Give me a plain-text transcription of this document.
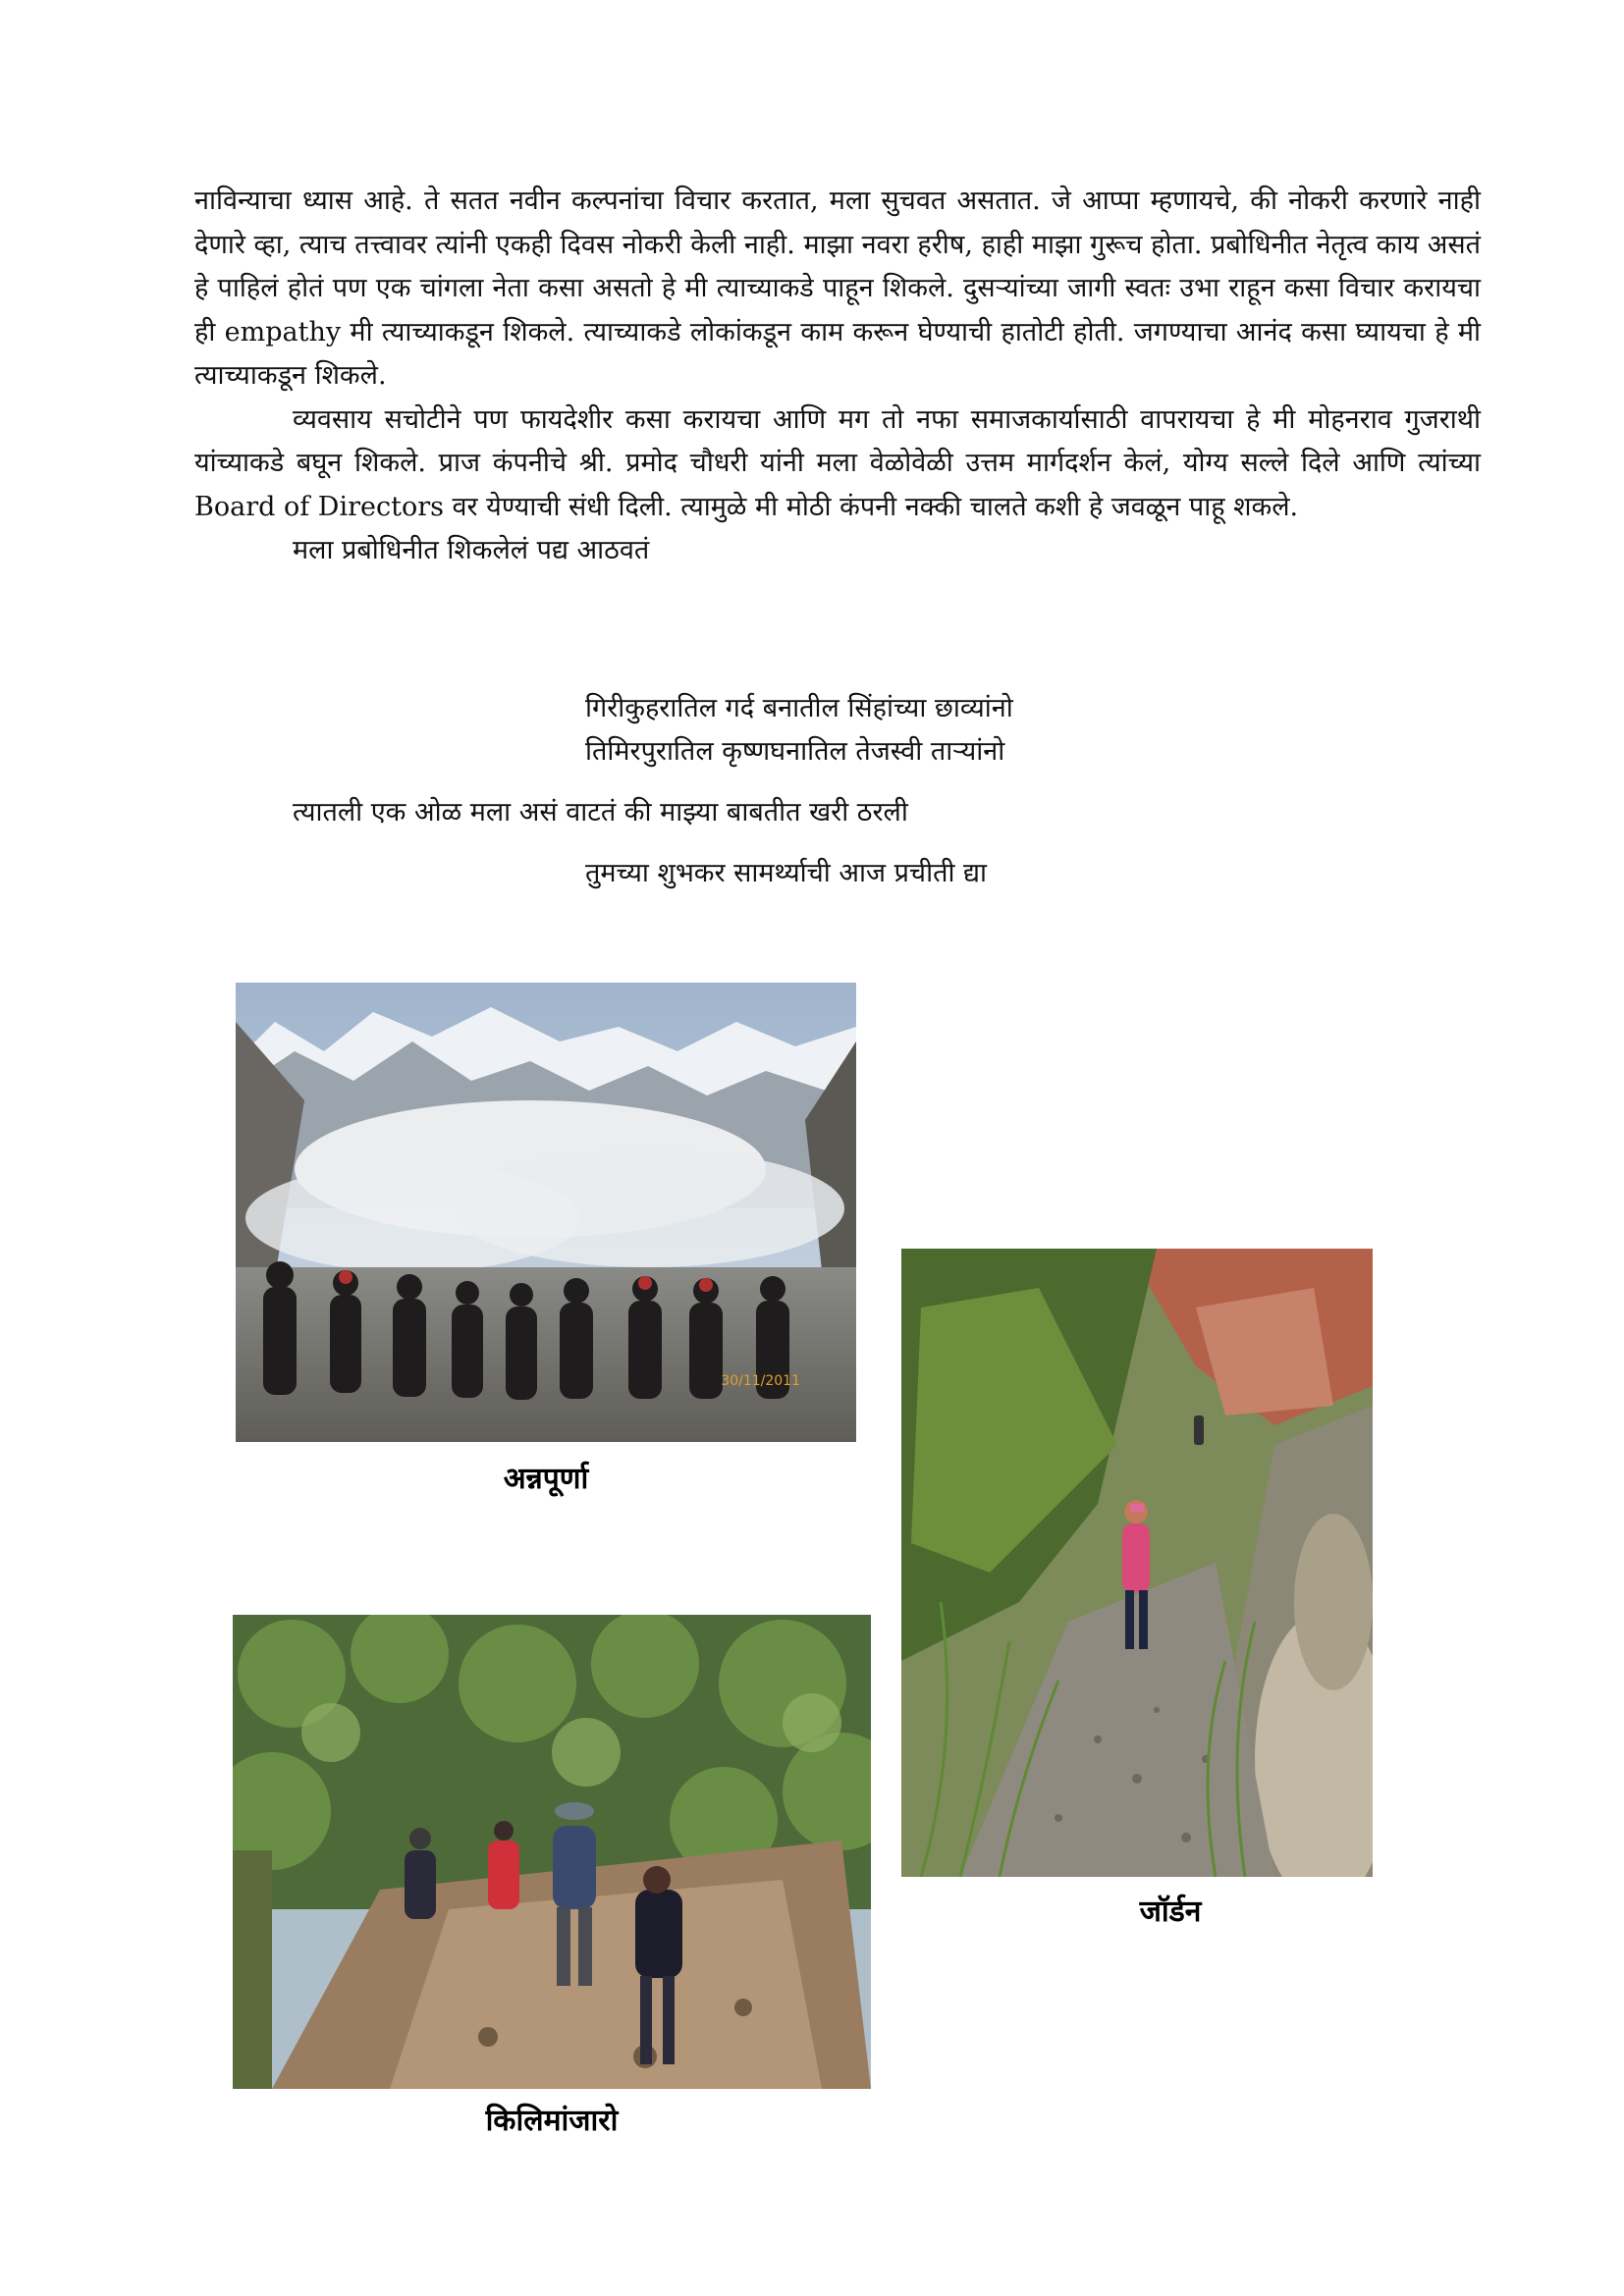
नाविन्याचा ध्यास आहे. ते सतत नवीन कल्पनांचा विचार करतात, मला सुचवत असतात. जे आप्पा म्हणायचे, की नोकरी करणारे नाही देणारे व्हा, त्याच तत्त्वावर त्यांनी एकही दिवस नोकरी केली नाही. माझा नवरा हरीष, हाही माझा गुरूच होता. प्रबोधिनीत नेतृत्व काय असतं हे पाहिलं होतं पण एक चांगला नेता कसा असतो हे मी त्याच्याकडे पाहून शिकले. दुसऱ्यांच्या जागी स्वतः उभा राहून कसा विचार करायचा ही empathy मी त्याच्याकडून शिकले. त्याच्याकडे लोकांकडून काम करून घेण्याची हातोटी होती. जगण्याचा आनंद कसा घ्यायचा हे मी त्याच्याकडून शिकले.

व्यवसाय सचोटीने पण फायदेशीर कसा करायचा आणि मग तो नफा समाजकार्यासाठी वापरायचा हे मी मोहनराव गुजराथी यांच्याकडे बघून शिकले. प्राज कंपनीचे श्री. प्रमोद चौधरी यांनी मला वेळोवेळी उत्तम मार्गदर्शन केलं, योग्य सल्ले दिले आणि त्यांच्या Board of Directors वर येण्याची संधी दिली. त्यामुळे मी मोठी कंपनी नक्की चालते कशी हे जवळून पाहू शकले.

मला प्रबोधिनीत शिकलेलं पद्य आठवतं

गिरीकुहरातिल गर्द बनातील सिंहांच्या छाव्यांनो
तिमिरपुरातिल कृष्णघनातिल तेजस्वी ताऱ्यांनो
त्यातली एक ओळ मला असं वाटतं की माझ्या बाबतीत खरी ठरली
तुमच्या शुभकर सामर्थ्याची आज प्रचीती द्या
30/11/2011
अन्नपूर्णा
जॉर्डन
किलिमांजारो
